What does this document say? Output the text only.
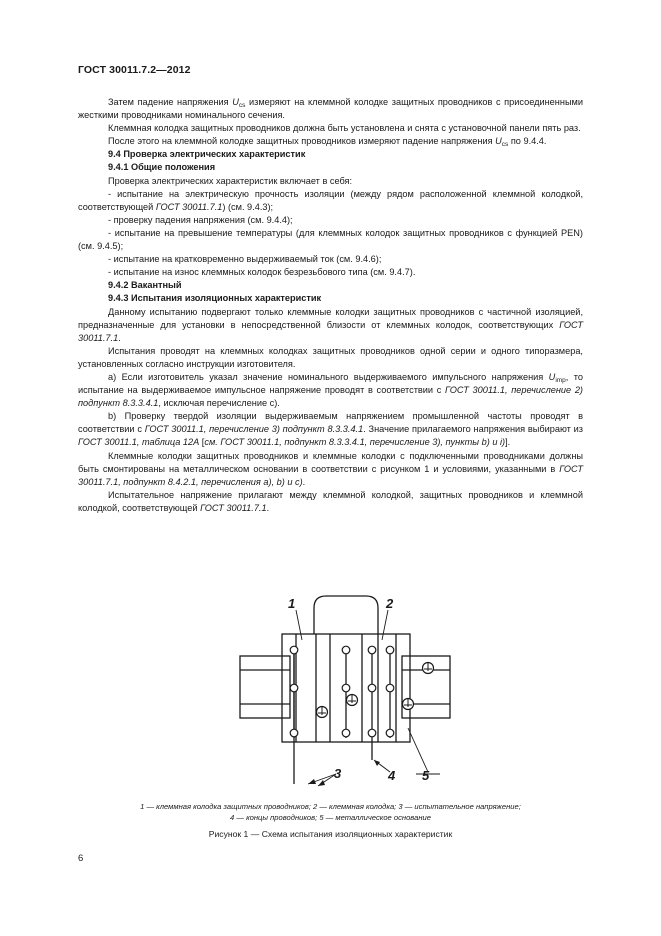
ГОСТ 30011.7.2—2012

Затем падение напряжения $U_{cs}$ измеряют на клеммной колодке защитных проводников с присоединенными жесткими проводниками номинального сечения.

Клеммная колодка защитных проводников должна быть установлена и снята с установочной панели пять раз.

После этого на клеммной колодке защитных проводников измеряют падение напряжения $U_{cs}$ по 9.4.4.

9.4 Проверка электрических характеристик

9.4.1 Общие положения

Проверка электрических характеристик включает в себя:

- испытание на электрическую прочность изоляции (между рядом расположенной клеммной колодкой, соответствующей ГОСТ 30011.7.1) (см. 9.4.3);

- проверку падения напряжения (см. 9.4.4);

- испытание на превышение температуры (для клеммных колодок защитных проводников с функцией PEN) (см. 9.4.5);

- испытание на кратковременно выдерживаемый ток (см. 9.4.6);

- испытание на износ клеммных колодок безрезьбового типа (см. 9.4.7).

9.4.2 Вакантный

9.4.3 Испытания изоляционных характеристик

Данному испытанию подвергают только клеммные колодки защитных проводников с частичной изоляцией, предназначенные для установки в непосредственной близости от клеммных колодок, соответствующих ГОСТ 30011.7.1.

Испытания проводят на клеммных колодках защитных проводников одной серии и одного типоразмера, установленных согласно инструкции изготовителя.

a) Если изготовитель указал значение номинального выдерживаемого импульсного напряжения $U_{imp}$, то испытание на выдерживаемое импульсное напряжение проводят в соответствии с ГОСТ 30011.1, перечисление 2) подпункт 8.3.3.4.1, исключая перечисление c).

b) Проверку твердой изоляции выдерживаемым напряжением промышленной частоты проводят в соответствии с ГОСТ 30011.1, перечисление 3) подпункт 8.3.3.4.1. Значение прилагаемого напряжения выбирают из ГОСТ 30011.1, таблица 12A [см. ГОСТ 30011.1, подпункт 8.3.3.4.1, перечисление 3), пункты b) и i)].

Клеммные колодки защитных проводников и клеммные колодки с подключенными проводниками должны быть смонтированы на металлическом основании в соответствии с рисунком 1 и условиями, указанными в ГОСТ 30011.7.1, подпункт 8.4.2.1, перечисления a), b) и c).

Испытательное напряжение прилагают между клеммной колодкой, защитных проводников и клеммной колодкой, соответствующей ГОСТ 30011.7.1.

1	2
3	4 5
1 — клеммная колодка защитных проводников; 2 — клеммная колодка; 3 — испытательное напряжение;
4 — концы проводников; 5 — металлическое основание
Рисунок 1 — Схема испытания изоляционных характеристик
6
